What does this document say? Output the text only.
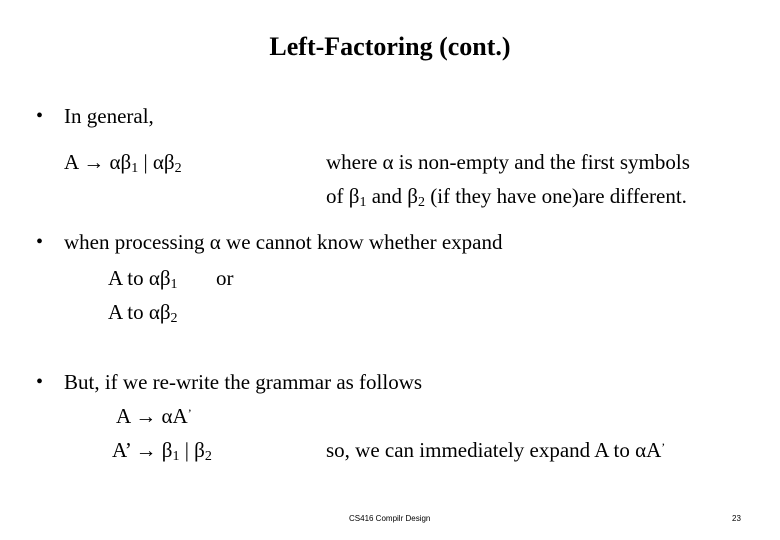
Left-Factoring (cont.)
• In general,
$A \to \alpha\beta_1$ | $\alpha\beta_2$	where α is non-empty and the first symbols
of $\beta_1$ and $\beta_2$ (if they have one)are different.
• when processing α we cannot know whether expand
A to $\alpha\beta_1$ or
A to $\alpha\beta_2$
• But, if we re-write the grammar as follows
A → αA’
A’ → $\beta_1$ | $\beta_2$	so, we can immediately expand A to αA’
CS416 Compilr Design	23
